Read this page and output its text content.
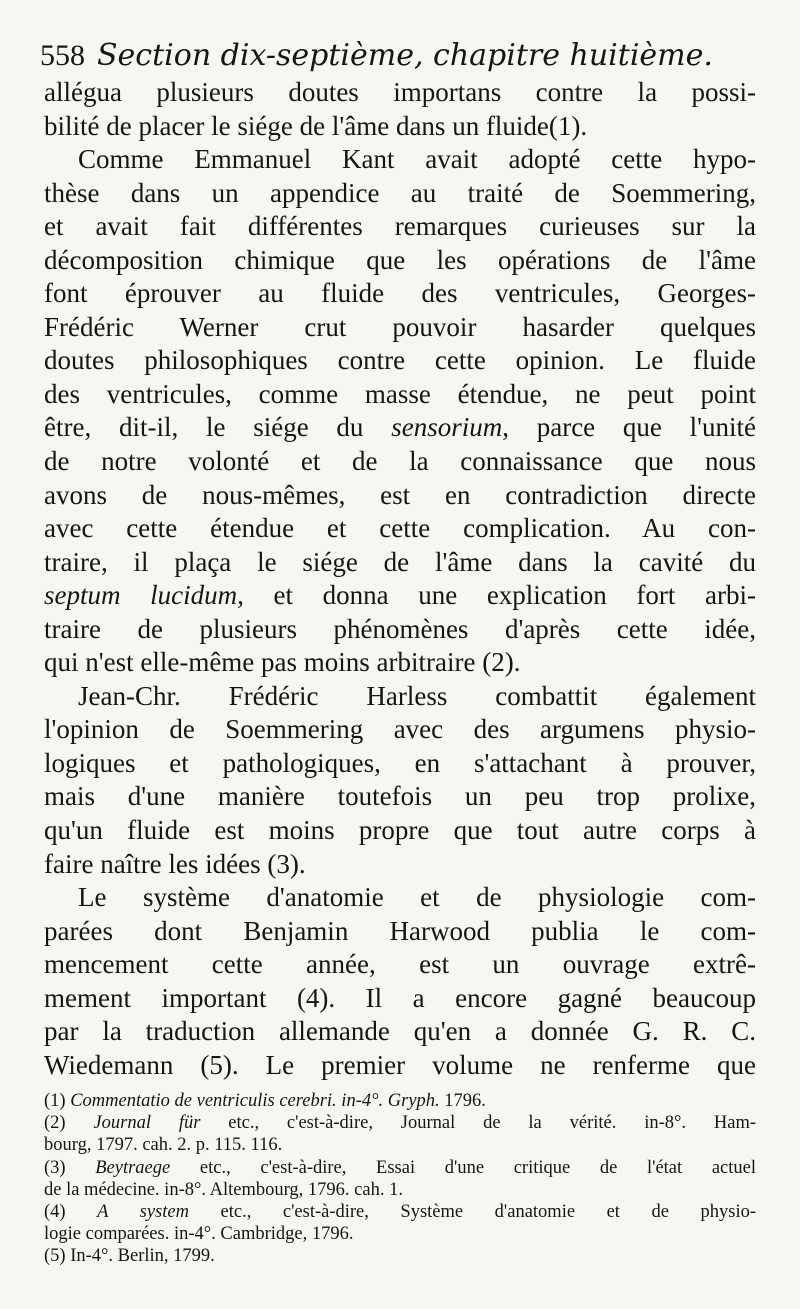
558 Section dix-septième, chapitre huitième.
allégua plusieurs doutes importans contre la possi-
bilité de placer le siége de l'âme dans un fluide(1).
Comme Emmanuel Kant avait adopté cette hypo-
thèse dans un appendice au traité de Soemmering,
et avait fait différentes remarques curieuses sur la
décomposition chimique que les opérations de l'âme
font éprouver au fluide des ventricules, Georges-
Frédéric Werner crut pouvoir hasarder quelques
doutes philosophiques contre cette opinion. Le fluide
des ventricules, comme masse étendue, ne peut point
être, dit-il, le siége du sensorium, parce que l'unité
de notre volonté et de la connaissance que nous
avons de nous-mêmes, est en contradiction directe
avec cette étendue et cette complication. Au con-
traire, il plaça le siége de l'âme dans la cavité du
septum lucidum, et donna une explication fort arbi-
traire de plusieurs phénomènes d'après cette idée,
qui n'est elle-même pas moins arbitraire (2).
Jean-Chr. Frédéric Harless combattit également
l'opinion de Soemmering avec des argumens physio-
logiques et pathologiques, en s'attachant à prouver,
mais d'une manière toutefois un peu trop prolixe,
qu'un fluide est moins propre que tout autre corps à
faire naître les idées (3).
Le système d'anatomie et de physiologie com-
parées dont Benjamin Harwood publia le com-
mencement cette année, est un ouvrage extrê-
mement important (4). Il a encore gagné beaucoup
par la traduction allemande qu'en a donnée G. R. C.
Wiedemann (5). Le premier volume ne renferme que
(1) Commentatio de ventriculis cerebri. in-4°. Gryph. 1796.
(2) Journal für etc., c'est-à-dire, Journal de la vérité. in-8°. Ham-
bourg, 1797. cah. 2. p. 115. 116.
(3) Beytraege etc., c'est-à-dire, Essai d'une critique de l'état actuel
de la médecine. in-8°. Altembourg, 1796. cah. 1.
(4) A system etc., c'est-à-dire, Système d'anatomie et de physio-
logie comparées. in-4°. Cambridge, 1796.
(5) In-4°. Berlin, 1799.
